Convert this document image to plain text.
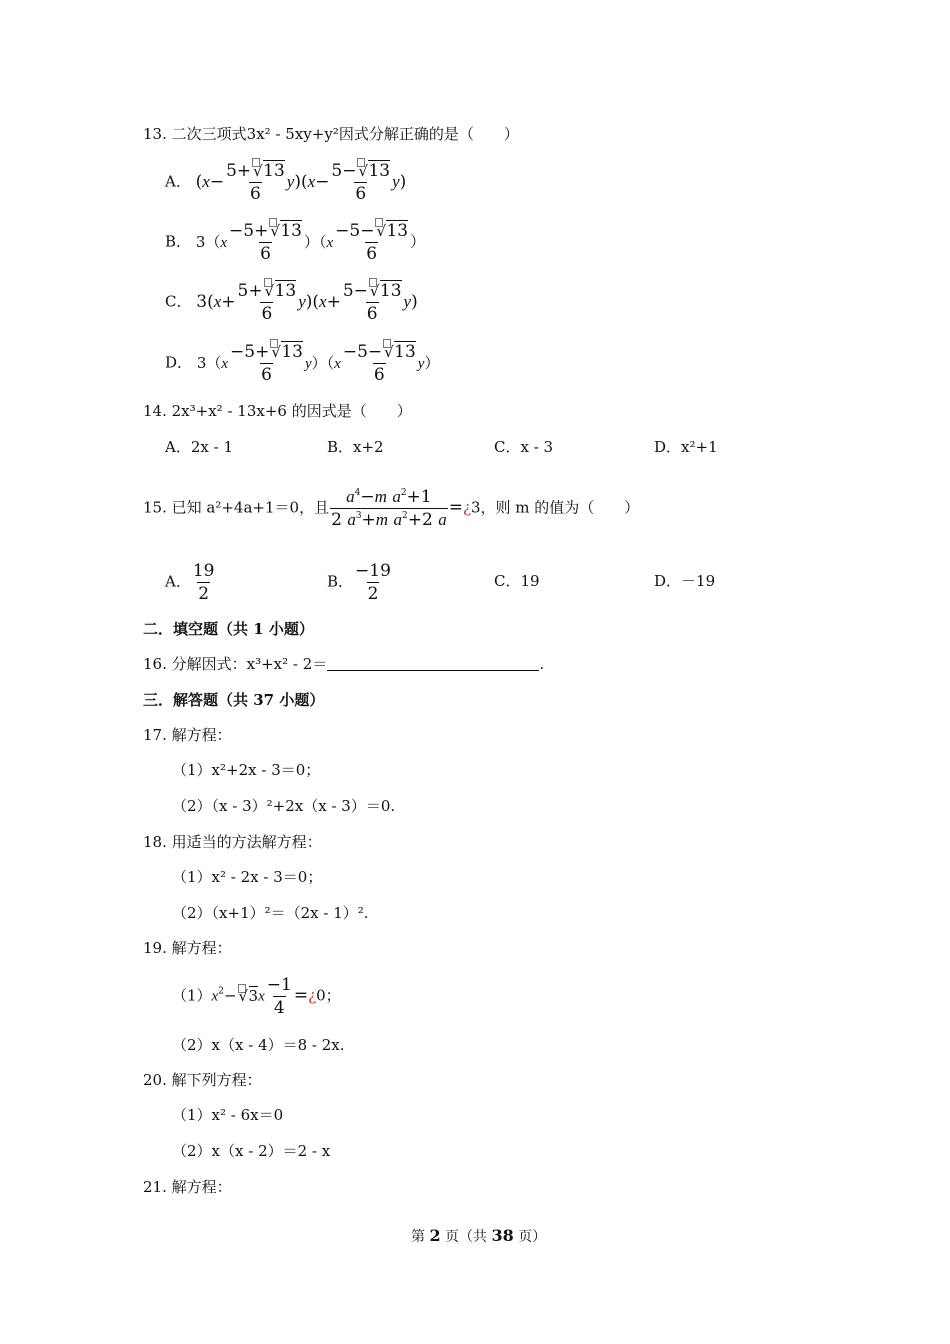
13. 二次三项式3x² - 5xy+y²因式分解正确的是（　　）
A． $(x- \frac{5+ √ 13}{6} y)(x- \frac{5- √ 13}{6} y)$
B． $3(x \frac{-5+ √ 13}{6} )(x \frac{-5- √ 13}{6}$ ）
C． $3(x+ \frac{5+ √ 13}{6} y)(x+ \frac{5- √ 13}{6} y)$
D． $3(x \frac{-5+ √ 13}{6} y)(x \frac{-5- √ 13}{6} y)$
14. 2x³+x² - 13x+6 的因式是（　　）
A．2x - 1	B．x+2	C．x - 3	D．x²+1
15. 已知 a²+4a+1＝0，且 $\frac{a^4-m a^2+1}{2 a^3+m a^2+2 a}$ =¿3，则 m 的值为（　　）
A． $\frac{19}{2}$	B． $\frac{-19}{2}$	C．19	D．－19
二．填空题（共 1 小题）
16. 分解因式：x³+x² - 2＝	.
三．解答题（共 37 小题）
17. 解方程：
（1）x²+2x - 3＝0；
（2）（x - 3）²+2x（x - 3）＝0.
18. 用适当的方法解方程：
（1）x² - 2x - 3＝0；
（2）（x+1）²＝（2x - 1）².
19. 解方程：
$(1)x^2-$ √ $3x \frac{-1}{4}$ =¿0；
（2）x（x - 4）＝8 - 2x.
20. 解下列方程：
（1）x² - 6x＝0
（2）x（x - 2）＝2 - x
21. 解方程：
第 2 页（共 38 页）
